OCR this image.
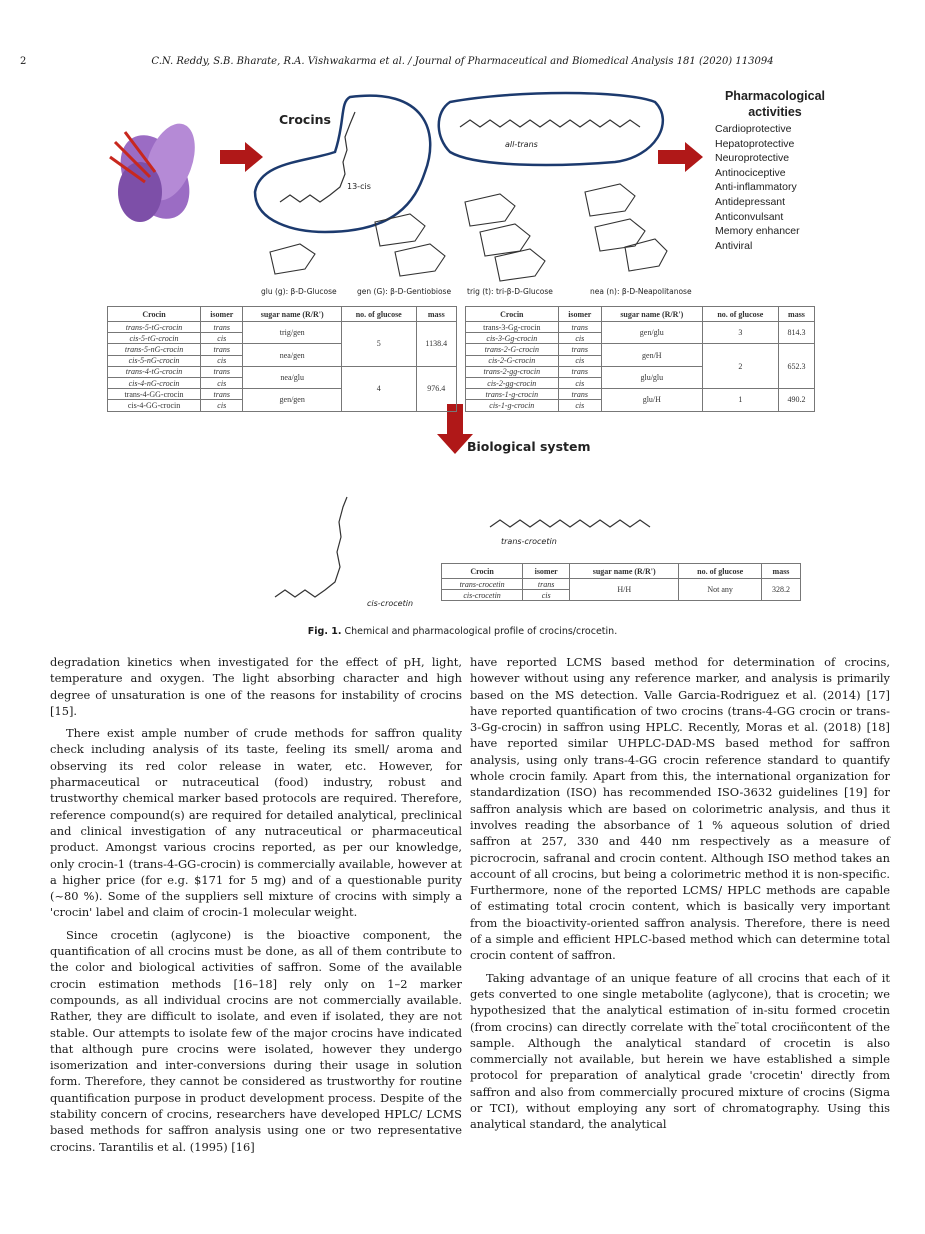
2	C.N. Reddy, S.B. Bharate, R.A. Vishwakarma et al. / Journal of Pharmaceutical and Biomedical Analysis 181 (2020) 113094
Crocins
all-trans
13-cis
Pharmacological activities
Cardioprotective
Hepatoprotective
Neuroprotective
Antinociceptive
Anti-inflammatory
Antidepressant
Anticonvulsant
Memory enhancer
Antiviral
glu (g): β-D-Glucose	gen (G): β-D-Gentiobiose trig (t): tri-β-D-Glucose	nea (n): β-D-Neapolitanose
Crocin	isomer	sugar name (R/R')	no. of glucose	mass
trans-5-tG-crocin	trans	trig/gen	5	1138.4
cis-5-tG-crocin	cis			
trans-5-nG-crocin	trans	nea/gen		
cis-5-nG-crocin	cis			
trans-4-tG-crocin	trans	nea/glu	4	976.4
cis-4-nG-crocin	cis			
trans-4-GG-crocin	trans	gen/gen		
cis-4-GG-crocin	cis			
Crocin	isomer	sugar name (R/R')	no. of glucose	mass
trans-3-Gg-crocin	trans	gen/glu	3	814.3
cis-3-Gg-crocin	cis			
trans-2-G-crocin	trans	gen/H	2	652.3
cis-2-G-crocin	cis			
trans-2-gg-crocin	trans	glu/glu		
cis-2-gg-crocin	cis			
trans-1-g-crocin	trans	glu/H	1	490.2
cis-1-g-crocin	cis			
Biological system
trans-crocetin
cis-crocetin
Crocin	isomer	sugar name (R/R')	no. of glucose	mass
trans-crocetin	trans	H/H	Not any	328.2
cis-crocetin	cis			
Fig. 1. Chemical and pharmacological profile of crocins/crocetin.

degradation kinetics when investigated for the effect of pH, light, temperature and oxygen. The light absorbing character and high degree of unsaturation is one of the reasons for instability of crocins [15].

There exist ample number of crude methods for saffron quality check including analysis of its taste, feeling its smell/ aroma and observing its red color release in water, etc. However, for pharmaceutical or nutraceutical (food) industry, robust and trustworthy chemical marker based protocols are required. Therefore, reference compound(s) are required for detailed analytical, preclinical and clinical investigation of any nutraceutical or pharmaceutical product. Amongst various crocins reported, as per our knowledge, only crocin-1 (trans-4-GG-crocin) is commercially available, however at a higher price (for e.g. $171 for 5 mg) and of a questionable purity (~80 %). Some of the suppliers sell mixture of crocins with simply a 'crocin' label and claim of crocin-1 molecular weight.

Since crocetin (aglycone) is the bioactive component, the quantification of all crocins must be done, as all of them contribute to the color and biological activities of saffron. Some of the available crocin estimation methods [16–18] rely only on 1–2 marker compounds, as all individual crocins are not commercially available. Rather, they are difficult to isolate, and even if isolated, they are not stable. Our attempts to isolate few of the major crocins have indicated that although pure crocins were isolated, however they undergo isomerization and inter-conversions during their usage in solution form. Therefore, they cannot be considered as trustworthy for routine quantification purpose in product development process. Despite of the stability concern of crocins, researchers have developed HPLC/ LCMS based methods for saffron analysis using one or two representative crocins. Tarantilis et al. (1995) [16]

have reported LCMS based method for determination of crocins, however without using any reference marker, and analysis is primarily based on the MS detection. Valle Garcia-Rodriguez et al. (2014) [17] have reported quantification of two crocins (trans-4-GG crocin or trans-3-Gg-crocin) in saffron using HPLC. Recently, Moras et al. (2018) [18] have reported similar UHPLC-DAD-MS based method for saffron analysis, using only trans-4-GG crocin reference standard to quantify whole crocin family. Apart from this, the international organization for standardization (ISO) has recommended ISO-3632 guidelines [19] for saffron analysis which are based on colorimetric analysis, and thus it involves reading the absorbance of 1 % aqueous solution of dried saffron at 257, 330 and 440 nm respectively as a measure of picrocrocin, safranal and crocin content. Although ISO method takes an account of all crocins, but being a colorimetric method it is non-specific. Furthermore, none of the reported LCMS/ HPLC methods are capable of estimating total crocin content, which is basically very important from the bioactivity-oriented saffron analysis. Therefore, there is need of a simple and efficient HPLC-based method which can determine total crocin content of saffron.

Taking advantage of an unique feature of all crocins that each of it gets converted to one single metabolite (aglycone), that is crocetin; we hypothesized that the analytical estimation of in-situ formed crocetin (from crocins) can directly correlate with the ̈total crocin̈content of the sample. Although the analytical standard of crocetin is also commercially not available, but herein we have established a simple protocol for preparation of analytical grade 'crocetin' directly from saffron and also from commercially procured mixture of crocins (Sigma or TCI), without employing any sort of chromatography. Using this analytical standard, the analytical
